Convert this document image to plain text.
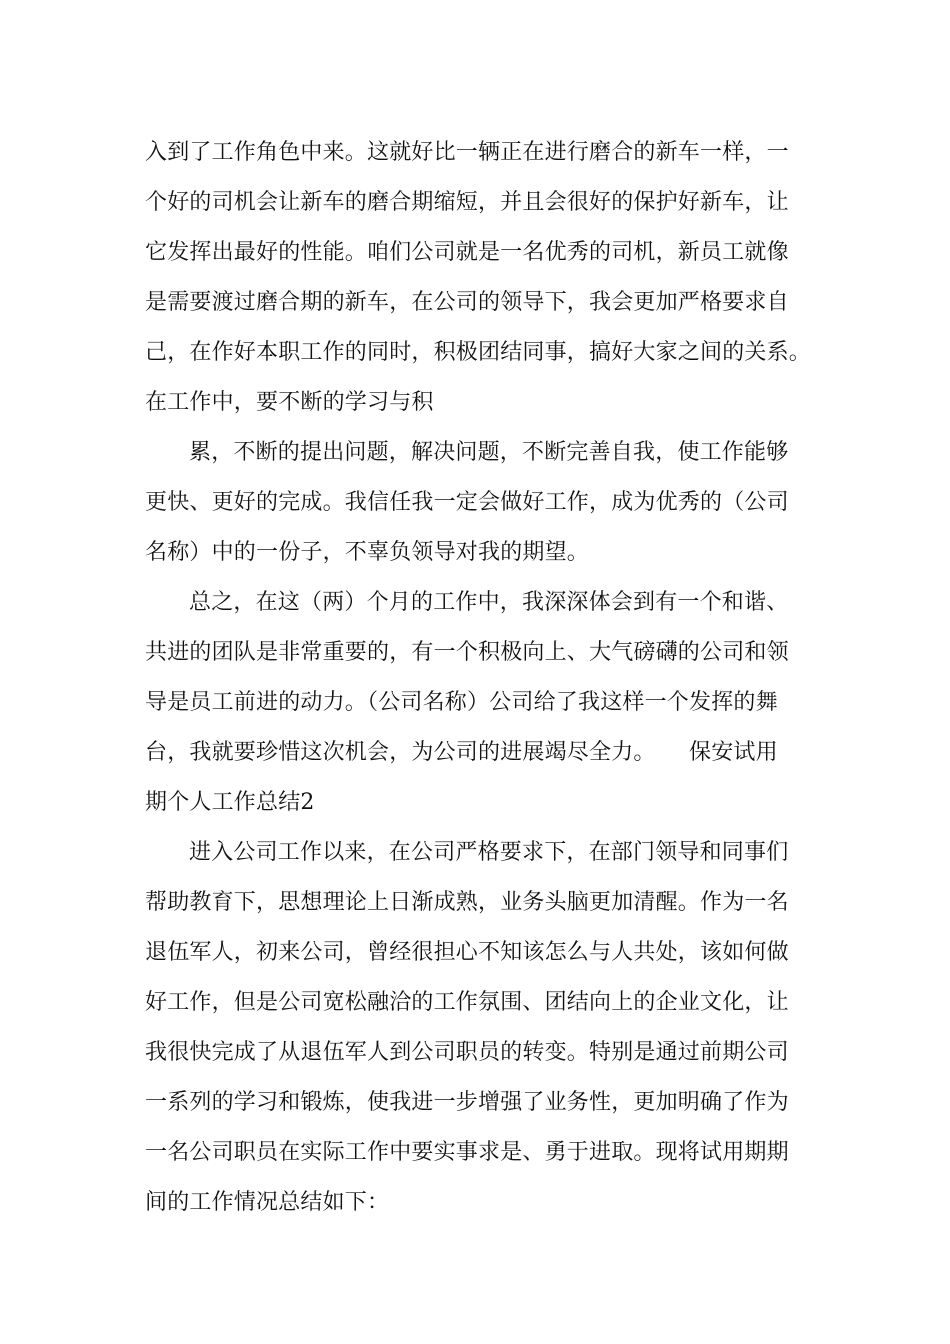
入到了工作角色中来。这就好比一辆正在进行磨合的新车一样，一
个好的司机会让新车的磨合期缩短，并且会很好的保护好新车，让
它发挥出最好的性能。咱们公司就是一名优秀的司机，新员工就像
是需要渡过磨合期的新车，在公司的领导下，我会更加严格要求自
己，在作好本职工作的同时，积极团结同事，搞好大家之间的关系。
在工作中，要不断的学习与积
累，不断的提出问题，解决问题，不断完善自我，使工作能够
更快、更好的完成。我信任我一定会做好工作，成为优秀的（公司
名称）中的一份子，不辜负领导对我的期望。
总之，在这（两）个月的工作中，我深深体会到有一个和谐、
共进的团队是非常重要的，有一个积极向上、大气磅礴的公司和领
导是员工前进的动力。（公司名称）公司给了我这样一个发挥的舞
台，我就要珍惜这次机会，为公司的进展竭尽全力。　　保安试用
期个人工作总结2
进入公司工作以来，在公司严格要求下，在部门领导和同事们
帮助教育下，思想理论上日渐成熟，业务头脑更加清醒。作为一名
退伍军人，初来公司，曾经很担心不知该怎么与人共处，该如何做
好工作，但是公司宽松融洽的工作氛围、团结向上的企业文化，让
我很快完成了从退伍军人到公司职员的转变。特别是通过前期公司
一系列的学习和锻炼，使我进一步增强了业务性，更加明确了作为
一名公司职员在实际工作中要实事求是、勇于进取。现将试用期期
间的工作情况总结如下：
